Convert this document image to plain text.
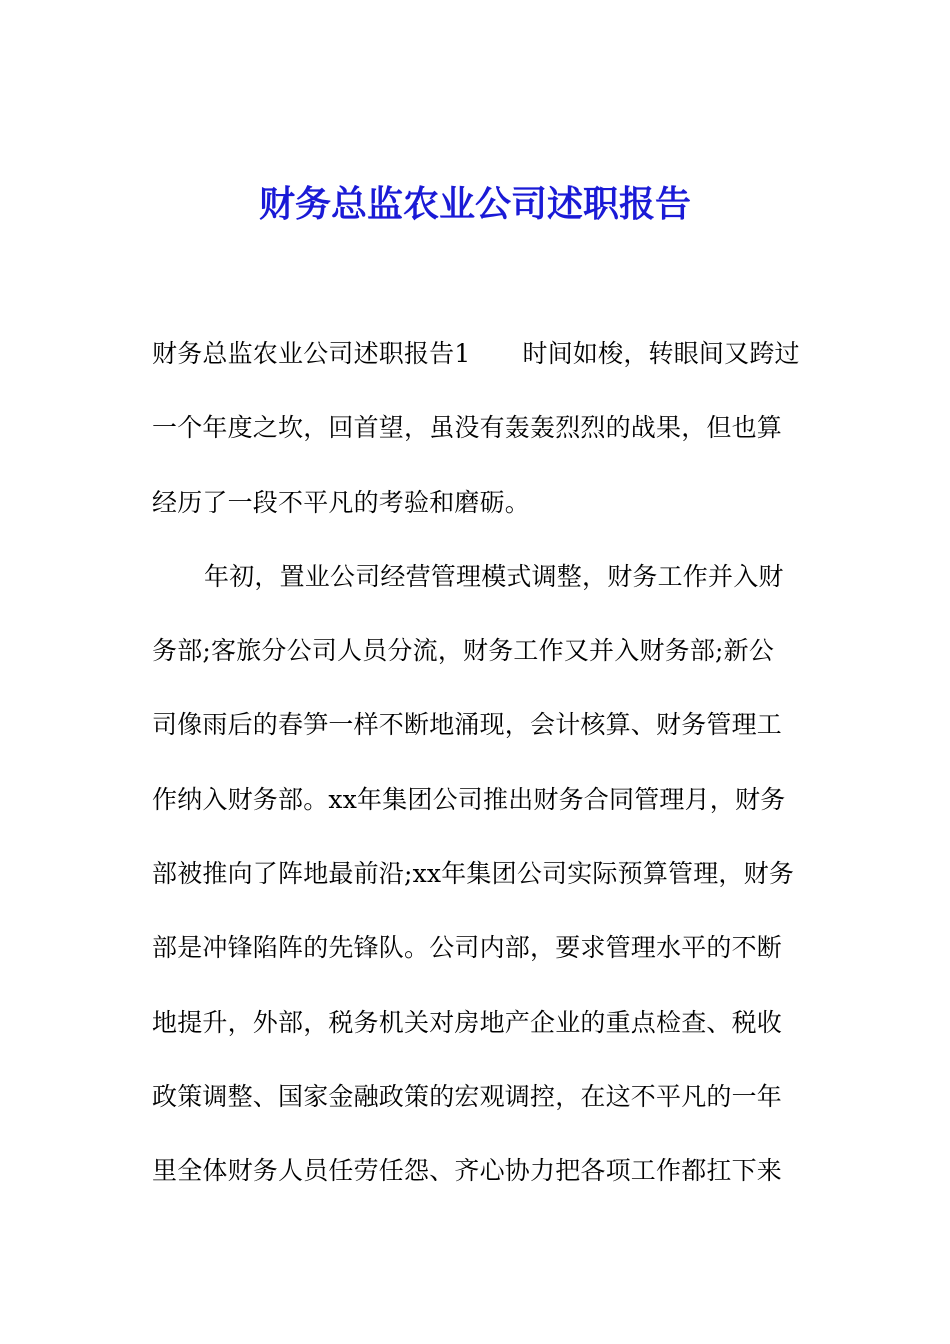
财务总监农业公司述职报告
财务总监农业公司述职报告1 时间如梭，转眼间又跨过
一个年度之坎，回首望，虽没有轰轰烈烈的战果，但也算
经历了一段不平凡的考验和磨砺。
年初，置业公司经营管理模式调整，财务工作并入财
务部;客旅分公司人员分流，财务工作又并入财务部;新公
司像雨后的春笋一样不断地涌现，会计核算、财务管理工
作纳入财务部。xx年集团公司推出财务合同管理月，财务
部被推向了阵地最前沿;xx年集团公司实际预算管理，财务
部是冲锋陷阵的先锋队。公司内部，要求管理水平的不断
地提升，外部，税务机关对房地产企业的重点检查、税收
政策调整、国家金融政策的宏观调控，在这不平凡的一年
里全体财务人员任劳任怨、齐心协力把各项工作都扛下来
